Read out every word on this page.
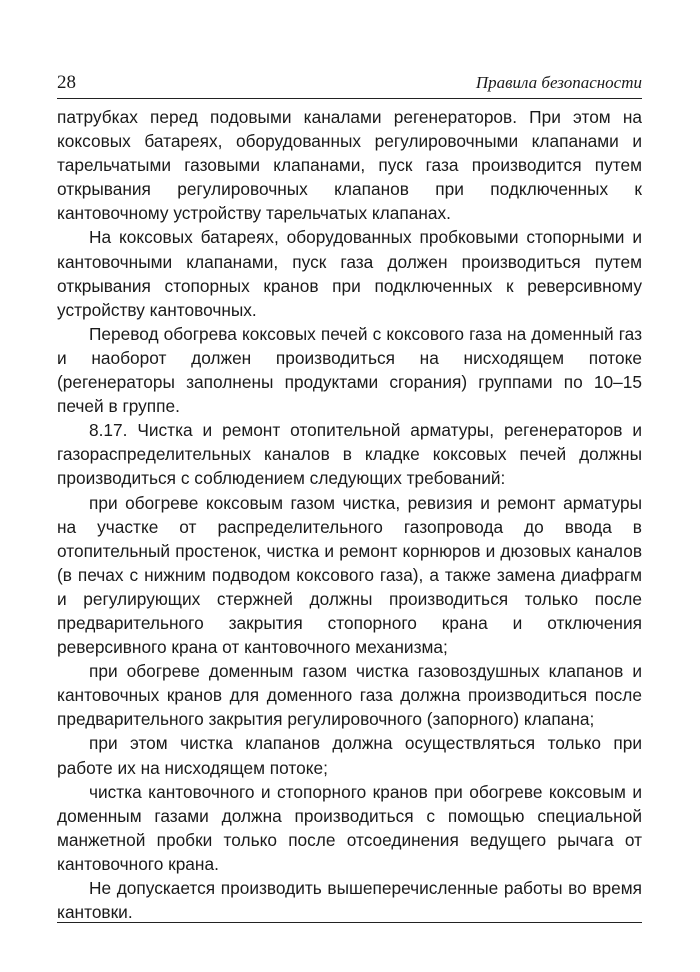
28	Правила безопасности

патрубках перед подовыми каналами регенераторов. При этом на коксовых батареях, оборудованных регулировочными клапанами и тарельчатыми газовыми клапанами, пуск газа производится путем открывания регулировочных клапанов при подключенных к кантовочному устройству тарельчатых клапанах.

На коксовых батареях, оборудованных пробковыми стопорными и кантовочными клапанами, пуск газа должен производиться путем открывания стопорных кранов при подключенных к реверсивному устройству кантовочных.

Перевод обогрева коксовых печей с коксового газа на доменный газ и наоборот должен производиться на нисходящем потоке (регенераторы заполнены продуктами сгорания) группами по 10–15 печей в группе.

8.17. Чистка и ремонт отопительной арматуры, регенераторов и газораспределительных каналов в кладке коксовых печей должны производиться с соблюдением следующих требований:

при обогреве коксовым газом чистка, ревизия и ремонт арматуры на участке от распределительного газопровода до ввода в отопительный простенок, чистка и ремонт корнюров и дюзовых каналов (в печах с нижним подводом коксового газа), а также замена диафрагм и регулирующих стержней должны производиться только после предварительного закрытия стопорного крана и отключения реверсивного крана от кантовочного механизма;

при обогреве доменным газом чистка газовоздушных клапанов и кантовочных кранов для доменного газа должна производиться после предварительного закрытия регулировочного (запорного) клапана;

при этом чистка клапанов должна осуществляться только при работе их на нисходящем потоке;

чистка кантовочного и стопорного кранов при обогреве коксовым и доменным газами должна производиться с помощью специальной манжетной пробки только после отсоединения ведущего рычага от кантовочного крана.

Не допускается производить вышеперечисленные работы во время кантовки.
